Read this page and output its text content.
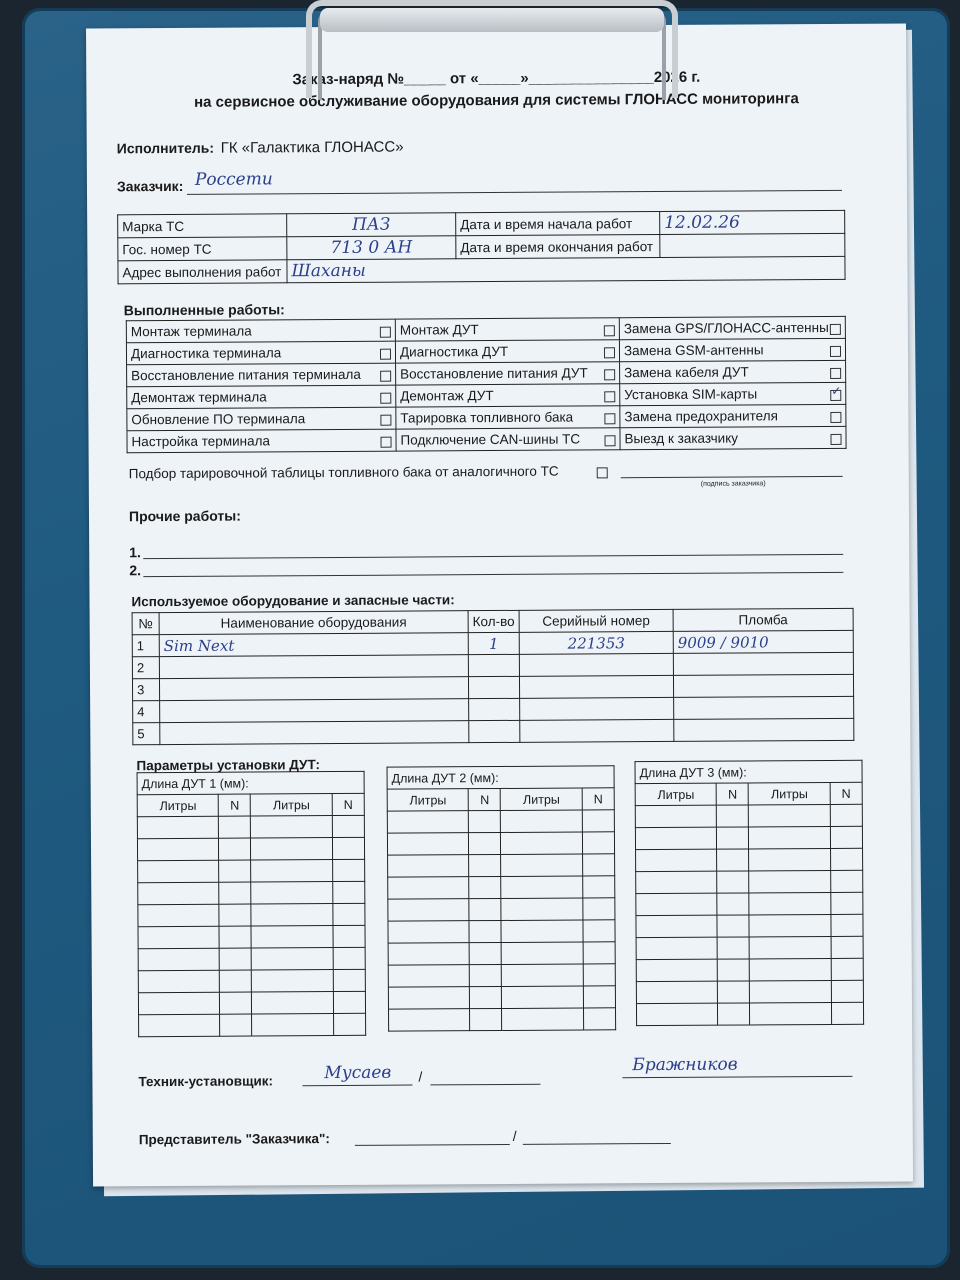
Заказ-наряд №_____ от «_____»_______________2026 г.
на сервисное обслуживание оборудования для системы ГЛОНАСС мониторинга
Исполнитель: ГК «Галактика ГЛОНАСС»
Заказчик: Россети
Марка ТС	ПАЗ	Дата и время начала работ	12.02.26
Гос. номер ТС	713 0 АН	Дата и время окончания работ	
Адрес выполнения работ	Шаханы		
Выполненные работы:
Монтаж терминала	Монтаж ДУТ	Замена GPS/ГЛОНАСС-антенны

Диагностика терминала	Диагностика ДУТ	Замена GSM-антенны

Восстановление питания терминала	Восстановление питания ДУТ	Замена кабеля ДУТ

Демонтаж терминала	Демонтаж ДУТ	Установка SIM-карты
✓

Обновление ПО терминала	Тарировка топливного бака	Замена предохранителя

Настройка терминала	Подключение CAN-шины ТС	Выезд к заказчику
Подбор тарировочной таблицы топливного бака от аналогичного ТС
(подпись заказчика)
Прочие работы:
1.
2.
Используемое оборудование и запасные части:
№	Наименование оборудования	Кол-во	Серийный номер	Пломба
1	Sim Next	1	221353	9009 / 9010
2				
3				
4				
5				
Параметры установки ДУТ:
Длина ДУТ 1 (мм):			
Литры	N	Литры	N

Длина ДУТ 2 (мм):			
Литры	N	Литры	N

Длина ДУТ 3 (мм):			
Литры	N	Литры	N

Техник-установщик:	Мусаев /
Бражников
Представитель "Заказчика":	/
